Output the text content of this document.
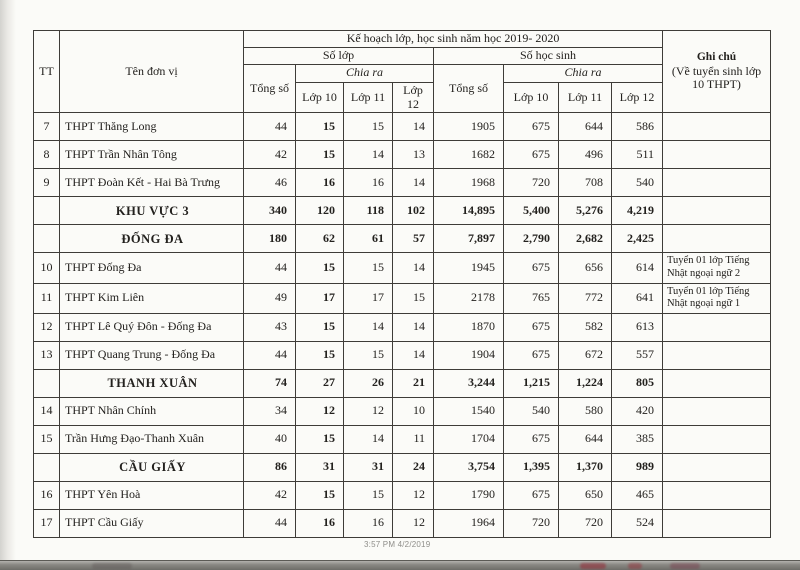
TT	Tên đơn vị	Kế hoạch lớp, học sinh năm học 2019- 2020								Ghi chú
(Về tuyển sinh lớp 10 THPT)

		Số lớp				Số học sinh				
		Tổng số	Chia ra			Tổng số	Chia ra			
			Lớp 10	Lớp 11	Lớp 12		Lớp 10	Lớp 11	Lớp 12	
7	THPT Thăng Long	44	15	15	14	1905	675	644	586	
8	THPT Trần Nhân Tông	42	15	14	13	1682	675	496	511	
9	THPT Đoàn Kết - Hai Bà Trưng	46	16	16	14	1968	720	708	540	
	KHU VỰC 3	340	120	118	102	14,895	5,400	5,276	4,219	
	ĐỐNG ĐA	180	62	61	57	7,897	2,790	2,682	2,425	
10	THPT Đống Đa	44	15	15	14	1945	675	656	614	Tuyển 01 lớp Tiếng Nhật ngoại ngữ 2
11	THPT Kim Liên	49	17	17	15	2178	765	772	641	Tuyển 01 lớp Tiếng Nhật ngoại ngữ 1
12	THPT Lê Quý Đôn - Đống Đa	43	15	14	14	1870	675	582	613	
13	THPT Quang Trung - Đống Đa	44	15	15	14	1904	675	672	557	
	THANH XUÂN	74	27	26	21	3,244	1,215	1,224	805	
14	THPT Nhân Chính	34	12	12	10	1540	540	580	420	
15	Trần Hưng Đạo-Thanh Xuân	40	15	14	11	1704	675	644	385	
	CẦU GIẤY	86	31	31	24	3,754	1,395	1,370	989	
16	THPT Yên Hoà	42	15	15	12	1790	675	650	465	
17	THPT Cầu Giấy	44	16	16	12	1964	720	720	524	
3:57 PM 4/2/2019
